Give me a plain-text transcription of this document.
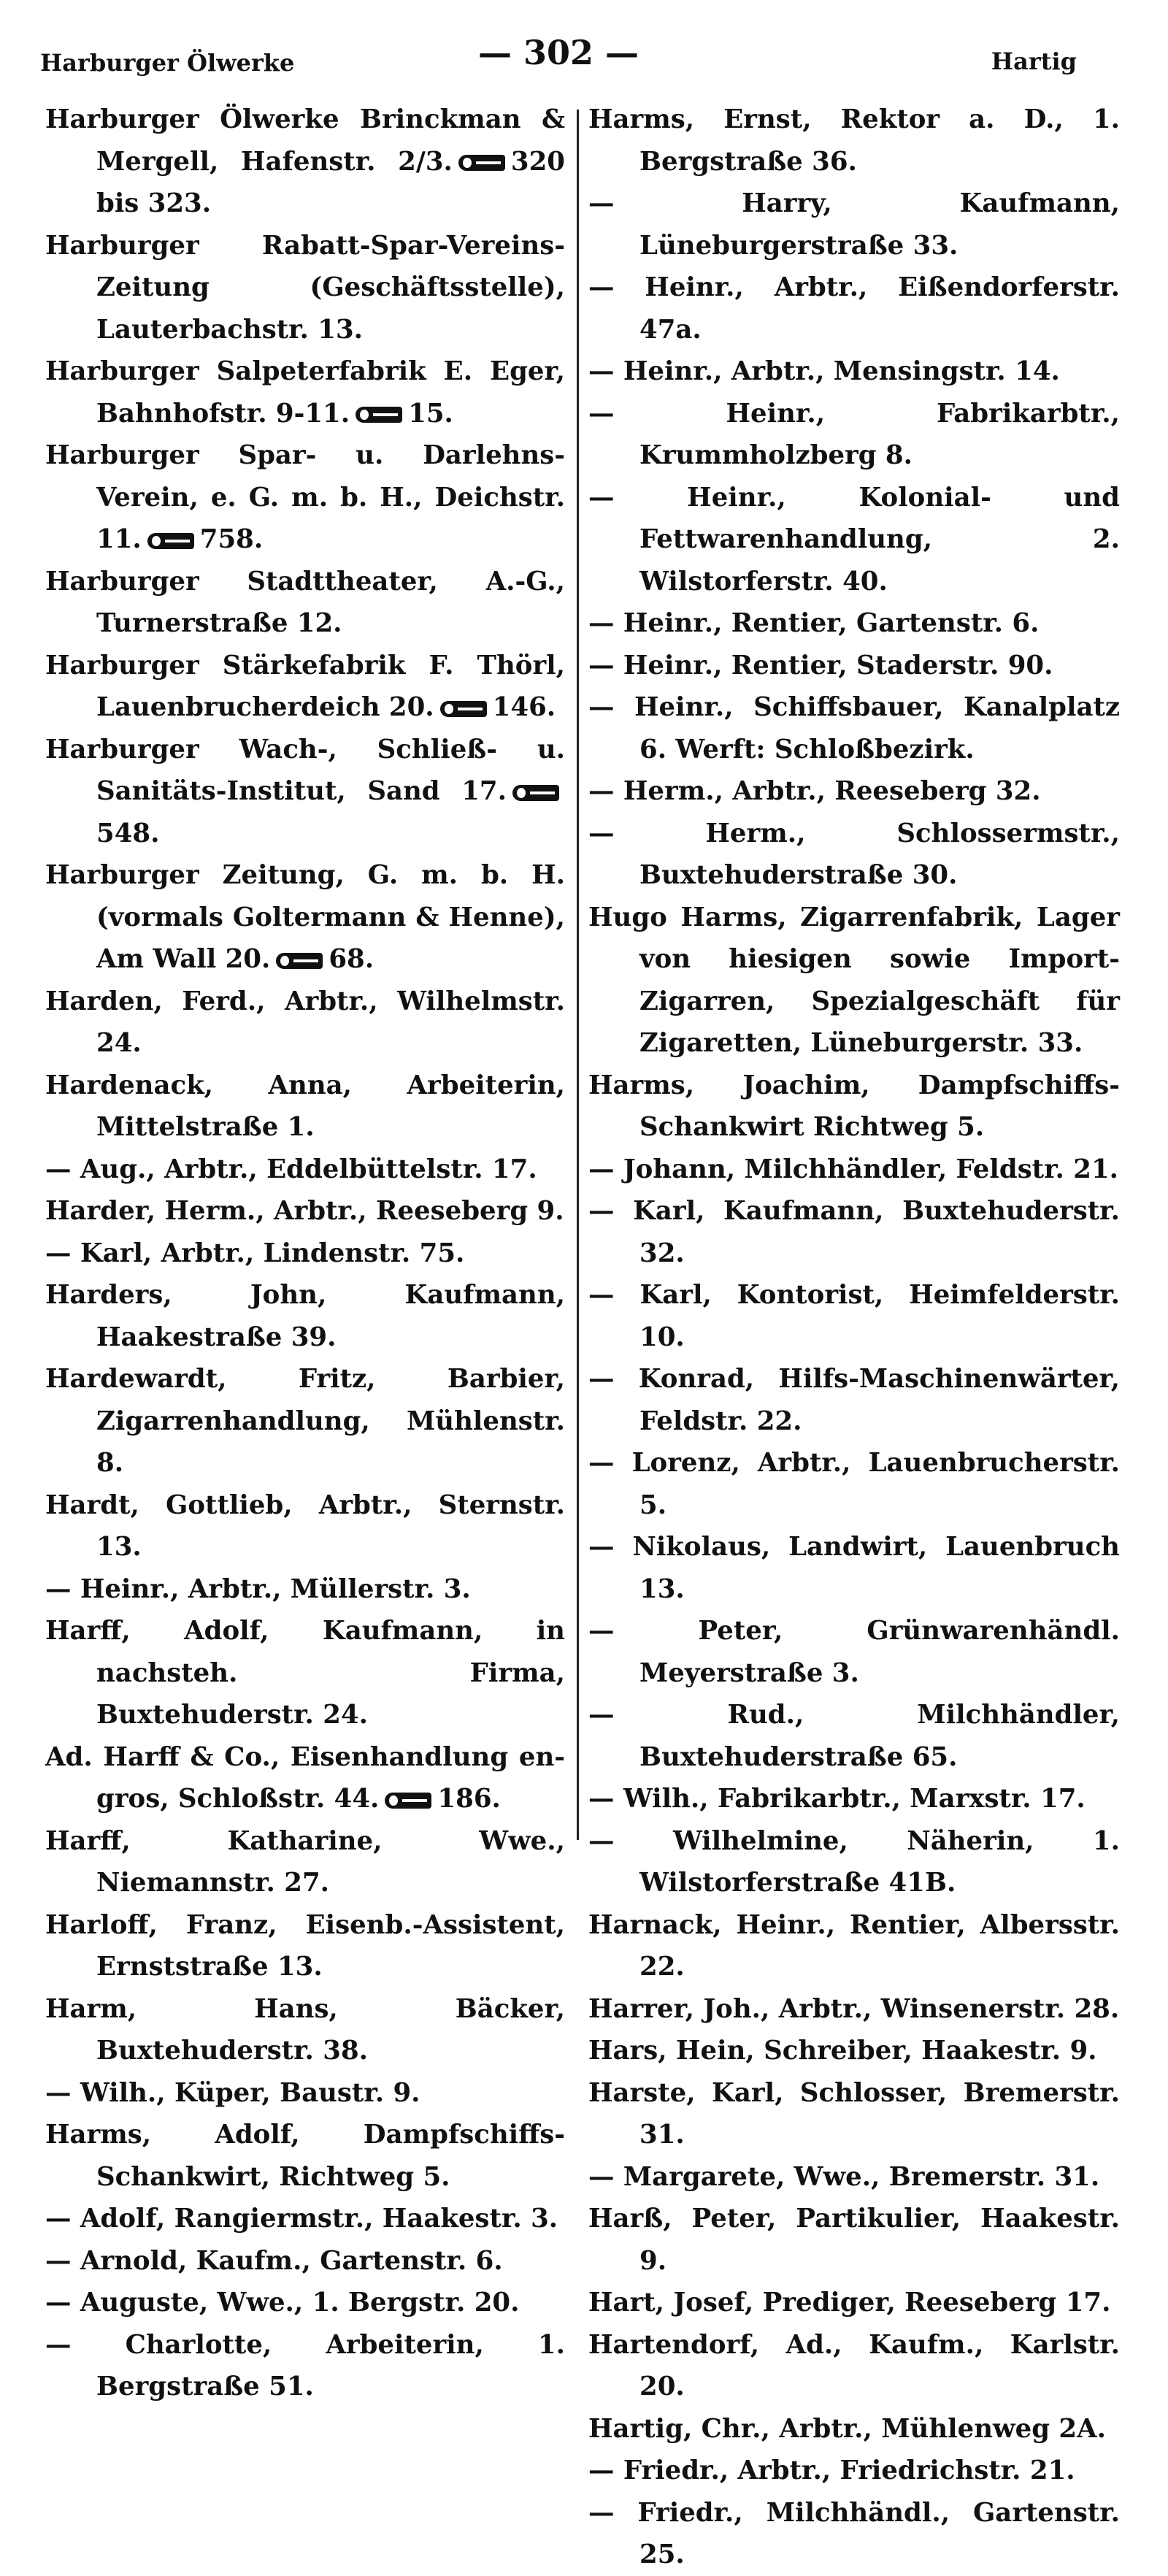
Harburger Ölwerke	— 302 —	Hartig
Harburger Ölwerke Brinckman & Mergell, Hafenstr. 2/3. 320 bis 323.
Harburger Rabatt-Spar-Vereins-Zeitung (Geschäftsstelle), Lauterbachstr. 13.
Harburger Salpeterfabrik E. Eger, Bahnhofstr. 9-11. 15.
Harburger Spar- u. Darlehns-Verein, e. G. m. b. H., Deichstr. 11. 758.
Harburger Stadttheater, A.-G., Turnerstraße 12.
Harburger Stärkefabrik F. Thörl, Lauenbrucherdeich 20. 146.
Harburger Wach-, Schließ- u. Sanitäts-Institut, Sand 17.548.
Harburger Zeitung, G. m. b. H. (vormals Goltermann & Henne), Am Wall 20. 68.
Harden, Ferd., Arbtr., Wilhelmstr. 24.
Hardenack, Anna, Arbeiterin, Mittelstraße 1.
— Aug., Arbtr., Eddelbüttelstr. 17.
Harder, Herm., Arbtr., Reeseberg 9.
— Karl, Arbtr., Lindenstr. 75.
Harders, John, Kaufmann, Haakestraße 39.
Hardewardt, Fritz, Barbier, Zigarrenhandlung, Mühlenstr. 8.
Hardt, Gottlieb, Arbtr., Sternstr. 13.
— Heinr., Arbtr., Müllerstr. 3.
Harff, Adolf, Kaufmann, in nachsteh. Firma, Buxtehuderstr. 24.
Ad. Harff & Co., Eisenhandlung en-gros, Schloßstr. 44. 186.
Harff, Katharine, Wwe., Niemannstr. 27.
Harloff, Franz, Eisenb.-Assistent, Ernststraße 13.
Harm, Hans, Bäcker, Buxtehuderstr. 38.
— Wilh., Küper, Baustr. 9.
Harms, Adolf, Dampfschiffs-Schankwirt, Richtweg 5.
— Adolf, Rangiermstr., Haakestr. 3.
— Arnold, Kaufm., Gartenstr. 6.
— Auguste, Wwe., 1. Bergstr. 20.
— Charlotte, Arbeiterin, 1. Bergstraße 51.
Harms, Ernst, Rektor a. D., 1. Bergstraße 36.
— Harry, Kaufmann, Lüneburgerstraße 33.
— Heinr., Arbtr., Eißendorferstr. 47a.
— Heinr., Arbtr., Mensingstr. 14.
— Heinr., Fabrikarbtr., Krummholzberg 8.
— Heinr., Kolonial- und Fettwarenhandlung, 2. Wilstorferstr. 40.
— Heinr., Rentier, Gartenstr. 6.
— Heinr., Rentier, Staderstr. 90.
— Heinr., Schiffsbauer, Kanalplatz 6. Werft: Schloßbezirk.
— Herm., Arbtr., Reeseberg 32.
— Herm., Schlossermstr., Buxtehuderstraße 30.
Hugo Harms, Zigarrenfabrik, Lager von hiesigen sowie Import-Zigarren, Spezialgeschäft für Zigaretten, Lüneburgerstr. 33.
Harms, Joachim, Dampfschiffs-Schankwirt Richtweg 5.
— Johann, Milchhändler, Feldstr. 21.
— Karl, Kaufmann, Buxtehuderstr. 32.
— Karl, Kontorist, Heimfelderstr. 10.
— Konrad, Hilfs-Maschinenwärter, Feldstr. 22.
— Lorenz, Arbtr., Lauenbrucherstr. 5.
— Nikolaus, Landwirt, Lauenbruch 13.
— Peter, Grünwarenhändl. Meyerstraße 3.
— Rud., Milchhändler, Buxtehuderstraße 65.
— Wilh., Fabrikarbtr., Marxstr. 17.
— Wilhelmine, Näherin, 1. Wilstorferstraße 41B.
Harnack, Heinr., Rentier, Albersstr. 22.
Harrer, Joh., Arbtr., Winsenerstr. 28.
Hars, Hein, Schreiber, Haakestr. 9.
Harste, Karl, Schlosser, Bremerstr. 31.
— Margarete, Wwe., Bremerstr. 31.
Harß, Peter, Partikulier, Haakestr. 9.
Hart, Josef, Prediger, Reeseberg 17.
Hartendorf, Ad., Kaufm., Karlstr. 20.
Hartig, Chr., Arbtr., Mühlenweg 2A.
— Friedr., Arbtr., Friedrichstr. 21.
— Friedr., Milchhändl., Gartenstr. 25.
